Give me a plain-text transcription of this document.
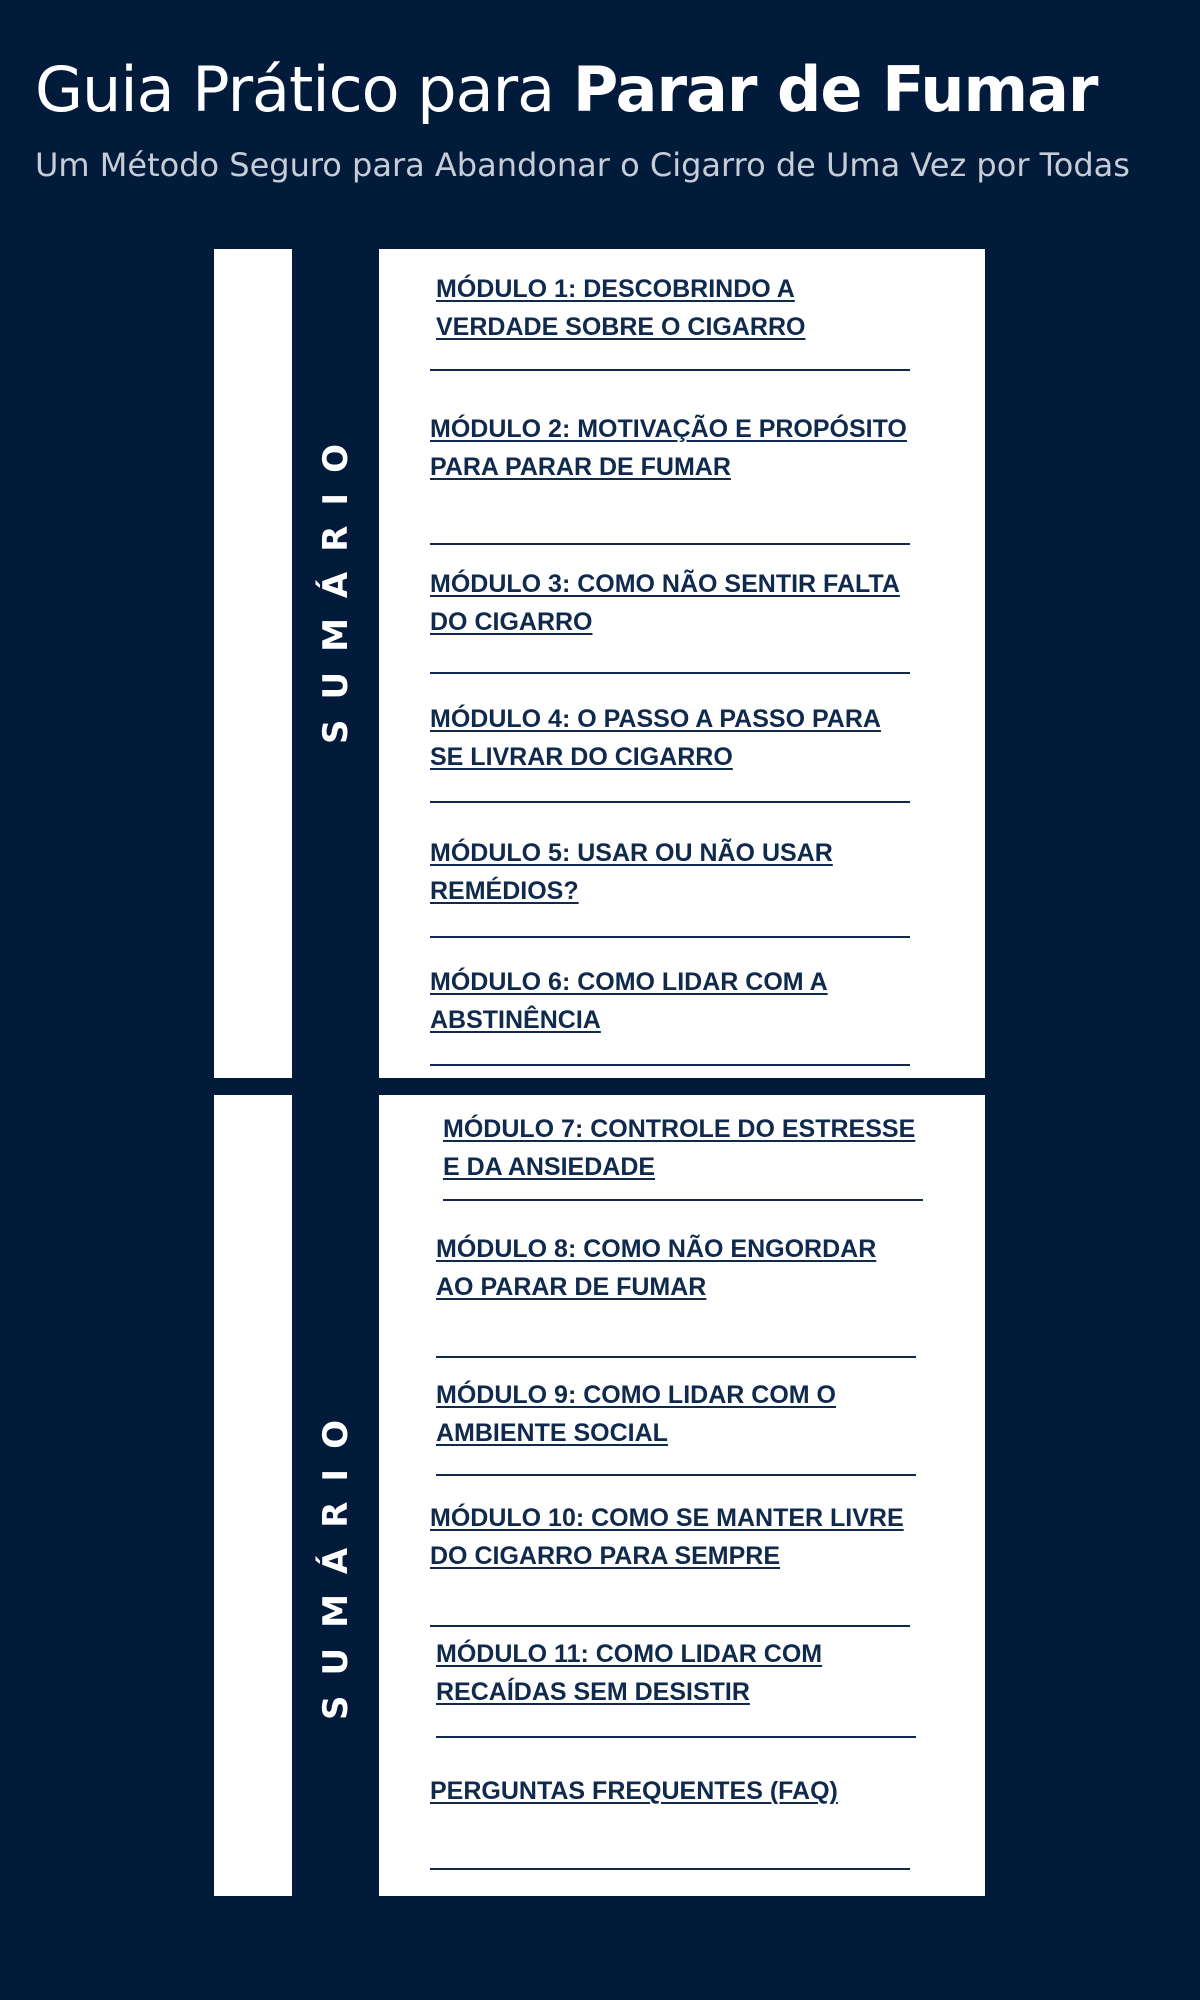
Guia Prático para Parar de Fumar

Um Método Seguro para Abandonar o Cigarro de Uma Vez por Todas

SUMÁRIO
MÓDULO 1: DESCOBRINDO A VERDADE SOBRE O CIGARRO
MÓDULO 2: MOTIVAÇÃO E PROPÓSITO PARA PARAR DE FUMAR
MÓDULO 3: COMO NÃO SENTIR FALTA DO CIGARRO
MÓDULO 4: O PASSO A PASSO PARA SE LIVRAR DO CIGARRO
MÓDULO 5: USAR OU NÃO USAR REMÉDIOS?
MÓDULO 6: COMO LIDAR COM A ABSTINÊNCIA
SUMÁRIO
MÓDULO 7: CONTROLE DO ESTRESSE E DA ANSIEDADE
MÓDULO 8: COMO NÃO ENGORDAR AO PARAR DE FUMAR
MÓDULO 9: COMO LIDAR COM O AMBIENTE SOCIAL
MÓDULO 10: COMO SE MANTER LIVRE DO CIGARRO PARA SEMPRE
MÓDULO 11: COMO LIDAR COM RECAÍDAS SEM DESISTIR
PERGUNTAS FREQUENTES (FAQ)
